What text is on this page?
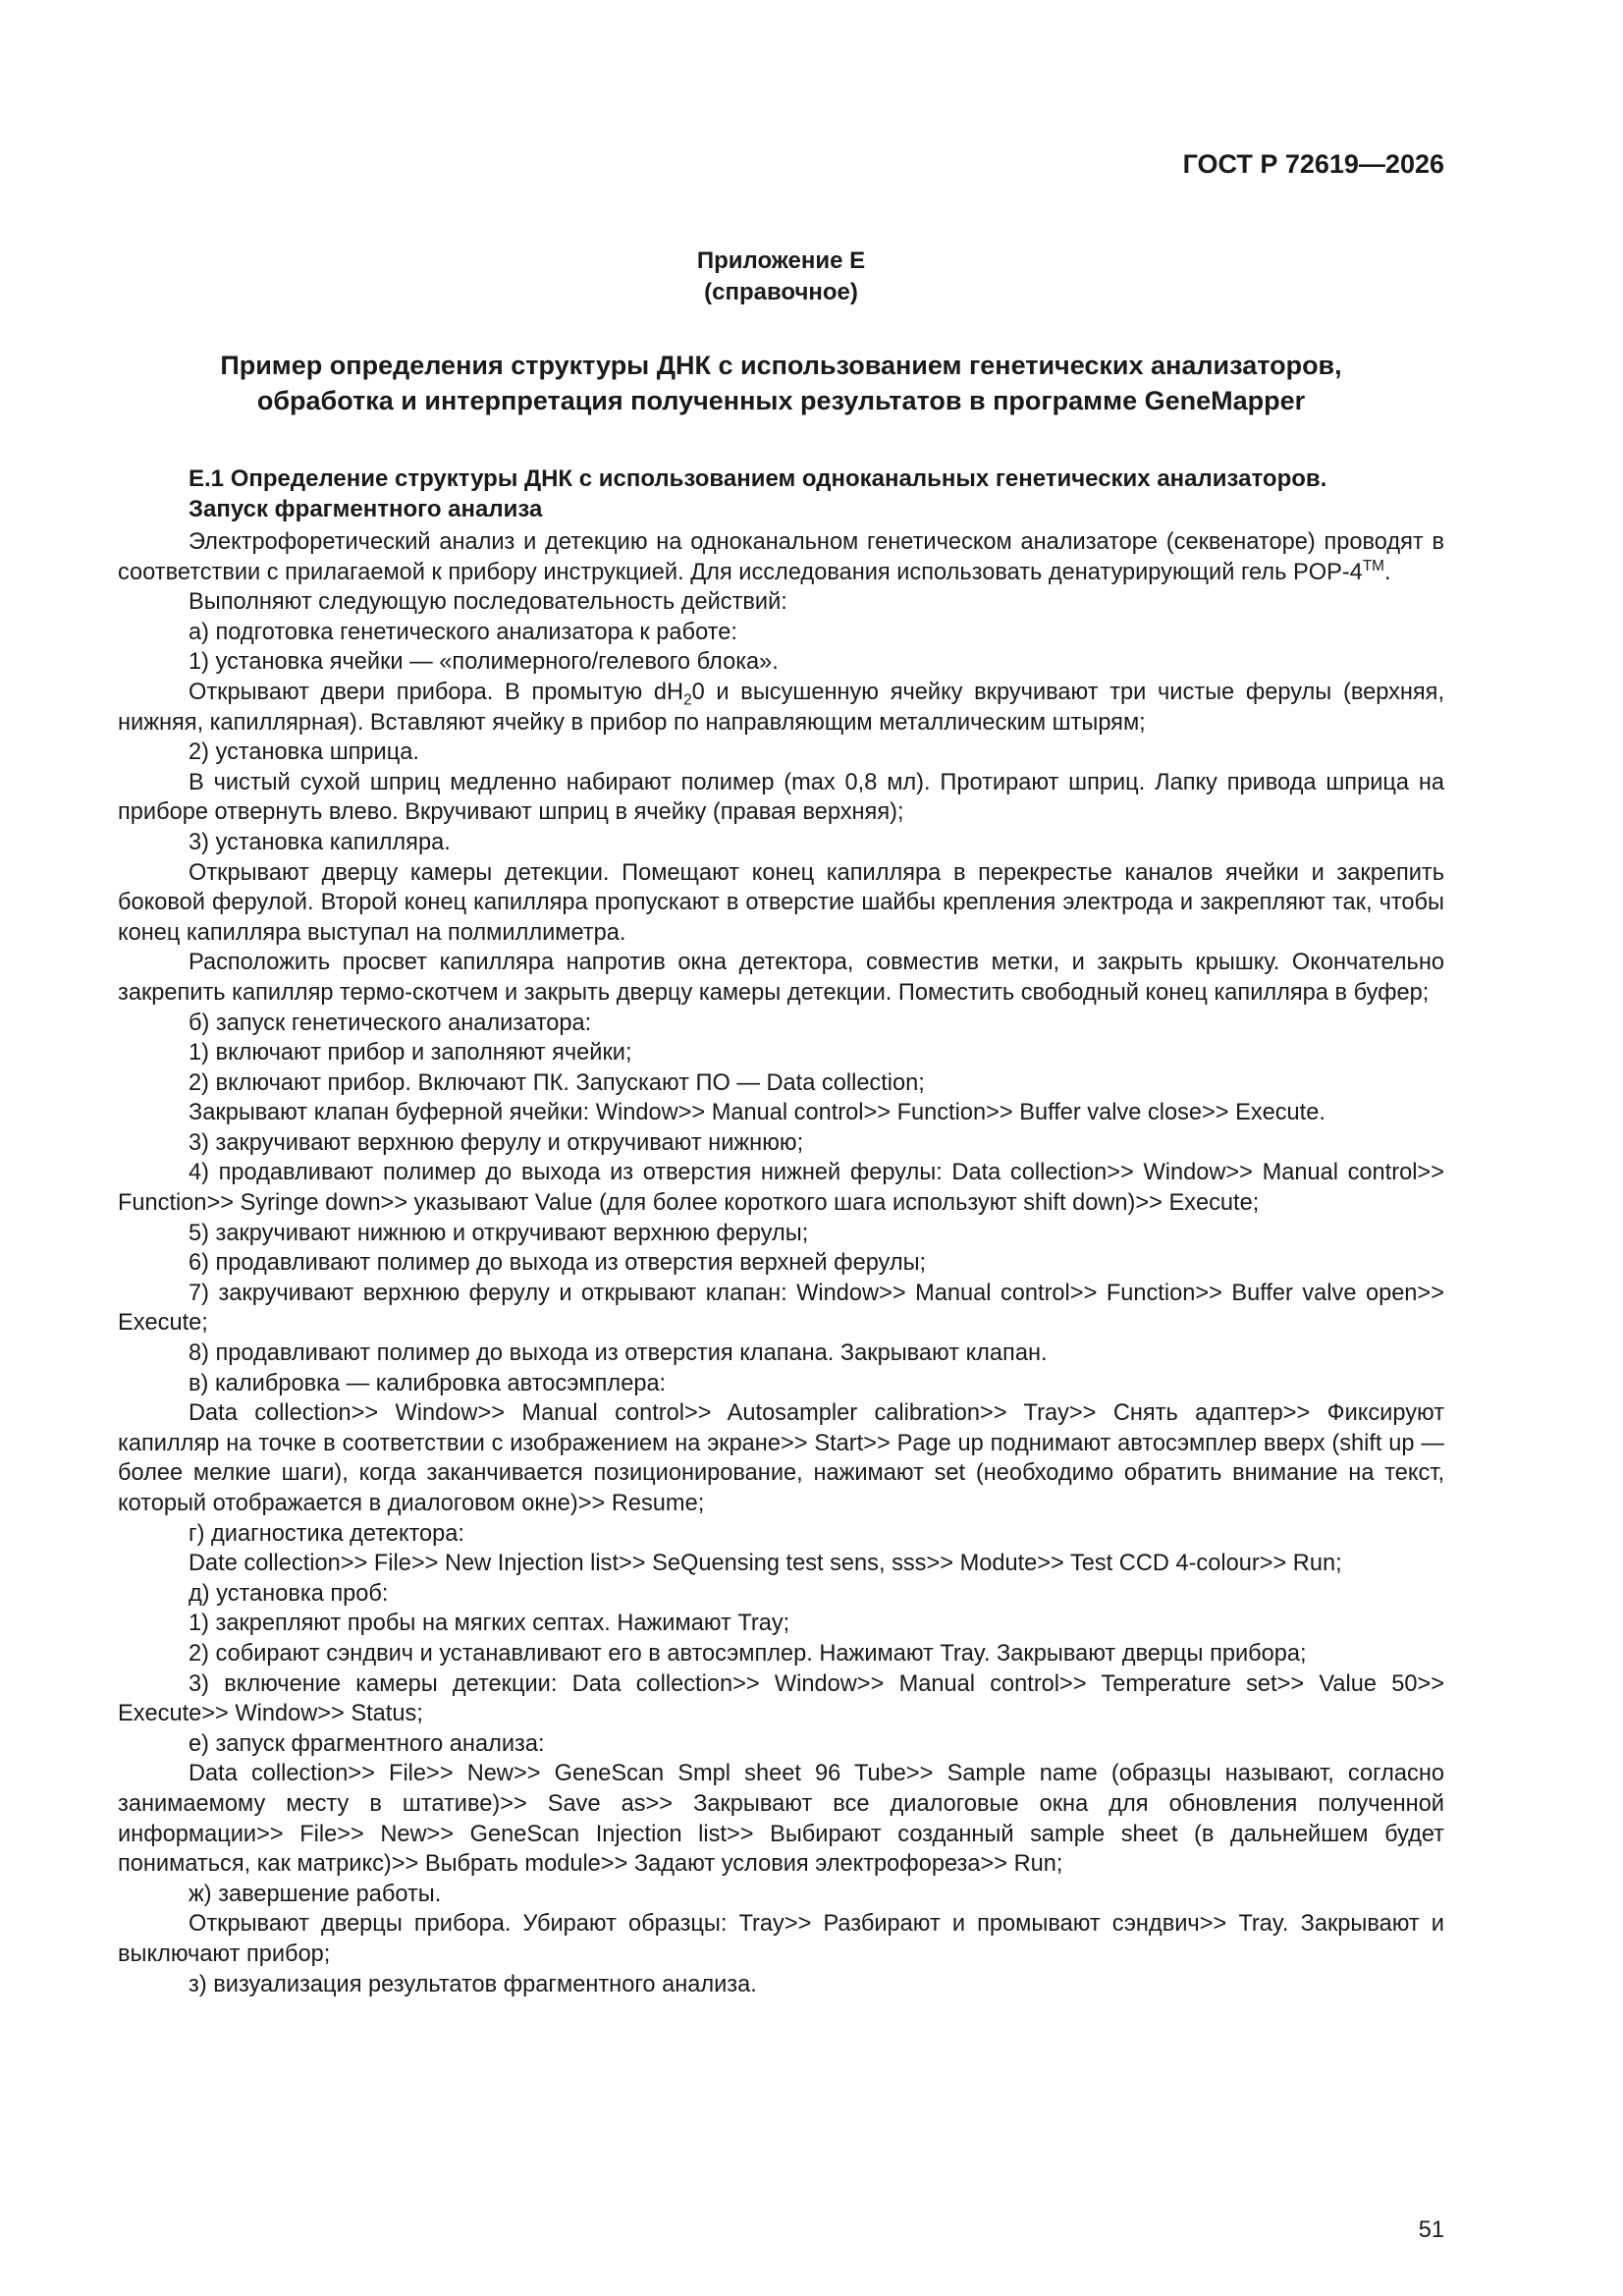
ГОСТ Р 72619—2026
Приложение Е
(справочное)
Пример определения структуры ДНК с использованием генетических анализаторов,
обработка и интерпретация полученных результатов в программе GeneMapper
Е.1 Определение структуры ДНК с использованием одноканальных генетических анализаторов.
Запуск фрагментного анализа

Электрофоретический анализ и детекцию на одноканальном генетическом анализаторе (секвенаторе) проводят в соответствии с прилагаемой к прибору инструкцией. Для исследования использовать денатурирующий гель POP-4™.

Выполняют следующую последовательность действий:

а) подготовка генетического анализатора к работе:

1) установка ячейки — «полимерного/гелевого блока».

Открывают двери прибора. В промытую $dH_20$ и высушенную ячейку вкручивают три чистые ферулы (верхняя, нижняя, капиллярная). Вставляют ячейку в прибор по направляющим металлическим штырям;

2) установка шприца.

В чистый сухой шприц медленно набирают полимер (max 0,8 мл). Протирают шприц. Лапку привода шприца на приборе отвернуть влево. Вкручивают шприц в ячейку (правая верхняя);

3) установка капилляра.

Открывают дверцу камеры детекции. Помещают конец капилляра в перекрестье каналов ячейки и закрепить боковой ферулой. Второй конец капилляра пропускают в отверстие шайбы крепления электрода и закрепляют так, чтобы конец капилляра выступал на полмиллиметра.

Расположить просвет капилляра напротив окна детектора, совместив метки, и закрыть крышку. Окончательно закрепить капилляр термо-скотчем и закрыть дверцу камеры детекции. Поместить свободный конец капилляра в буфер;

б) запуск генетического анализатора:

1) включают прибор и заполняют ячейки;

2) включают прибор. Включают ПК. Запускают ПО — Data collection;

Закрывают клапан буферной ячейки: Window>> Manual control>> Function>> Buffer valve close>> Execute.

3) закручивают верхнюю ферулу и откручивают нижнюю;

4) продавливают полимер до выхода из отверстия нижней ферулы: Data collection>> Window>> Manual control>> Function>> Syringe down>> указывают Value (для более короткого шага используют shift down)>> Execute;

5) закручивают нижнюю и откручивают верхнюю ферулы;

6) продавливают полимер до выхода из отверстия верхней ферулы;

7) закручивают верхнюю ферулу и открывают клапан: Window>> Manual control>> Function>> Buffer valve open>> Execute;

8) продавливают полимер до выхода из отверстия клапана. Закрывают клапан.

в) калибровка — калибровка автосэмплера:

Data collection>> Window>> Manual control>> Autosampler calibration>> Tray>> Снять адаптер>> Фиксируют капилляр на точке в соответствии с изображением на экране>> Start>> Page up поднимают автосэмплер вверх (shift up — более мелкие шаги), когда заканчивается позиционирование, нажимают set (необходимо обратить внимание на текст, который отображается в диалоговом окне)>> Resume;

г) диагностика детектора:

Date collection>> File>> New Injection list>> SeQuensing test sens, sss>> Modute>> Test CCD 4-colour>> Run;

д) установка проб:

1) закрепляют пробы на мягких септах. Нажимают Tray;

2) собирают сэндвич и устанавливают его в автосэмплер. Нажимают Tray. Закрывают дверцы прибора;

3) включение камеры детекции: Data collection>> Window>> Manual control>> Temperature set>> Value 50>> Execute>> Window>> Status;

е) запуск фрагментного анализа:

Data collection>> File>> New>> GeneScan Smpl sheet 96 Tube>> Sample name (образцы называют, согласно занимаемому месту в штативе)>> Save as>> Закрывают все диалоговые окна для обновления полученной информации>> File>> New>> GeneScan Injection list>> Выбирают созданный sample sheet (в дальнейшем будет пониматься, как матрикс)>> Выбрать module>> Задают условия электрофореза>> Run;

ж) завершение работы.

Открывают дверцы прибора. Убирают образцы: Tray>> Разбирают и промывают сэндвич>> Tray. Закрывают и выключают прибор;

з) визуализация результатов фрагментного анализа.

51
